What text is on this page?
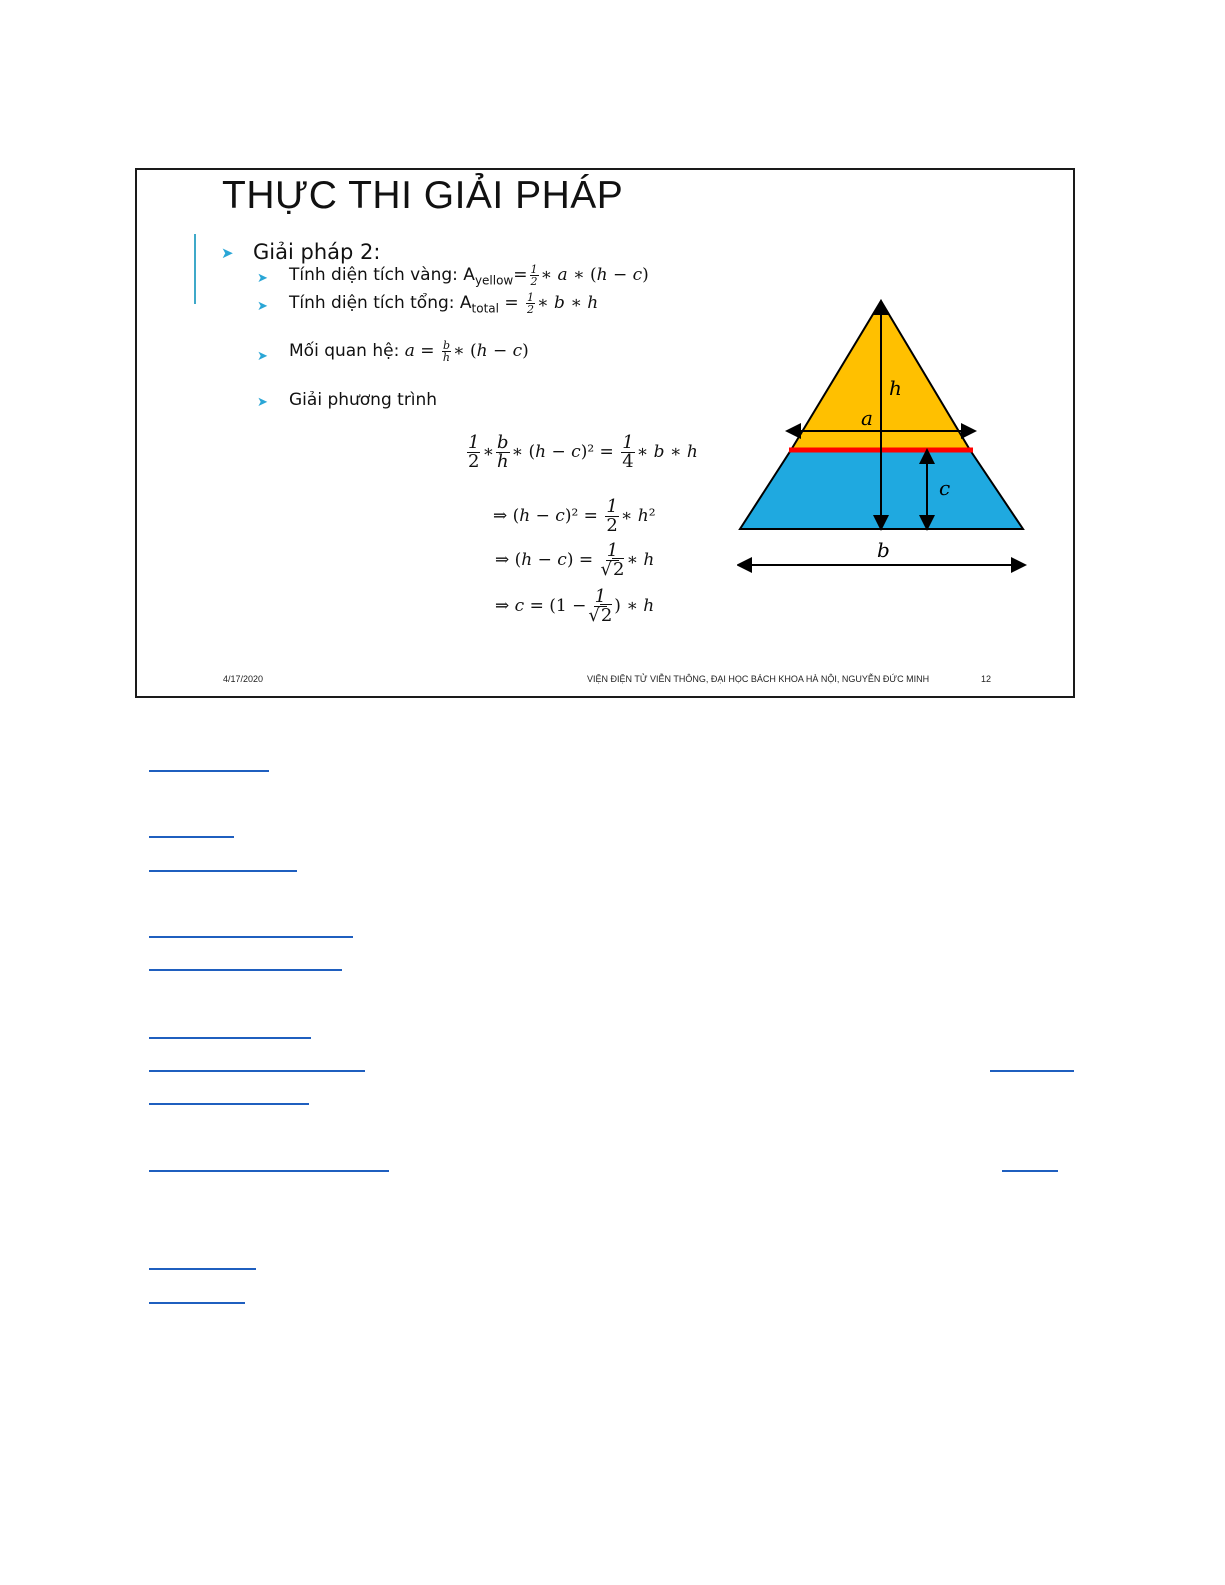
THỰC THI GIẢI PHÁP
➤ Giải pháp 2:
➤ Tính diện tích vàng: $A_{yellow}= \frac{1}{2}$ ∗ a ∗ (h − c)
➤ Tính diện tích tổng: $A_{total} = \frac{1}{2}$ ∗ b ∗ h
➤ Mối quan hệ: $a = \frac{b}{h}$ ∗ (h − c)
➤ Giải phương trình
$\frac{1}{2}$ ∗ $\frac{b}{h}$ ∗ $(h - c)^2 = \frac{1}{4}$ ∗ b ∗ h
⇒ $(h - c)^2 = \frac{1}{2}$ ∗ h²
⇒ $(h - c) = \frac{1}{√2}$ ∗ h
⇒ $c = (1 - \frac{1}{√2}$ ) ∗ h
h
a
c
b
4/17/2020	VIỆN ĐIỆN TỬ VIỄN THÔNG, ĐẠI HỌC BÁCH KHOA HÀ NỘI, NGUYỄN ĐỨC MINH	12
